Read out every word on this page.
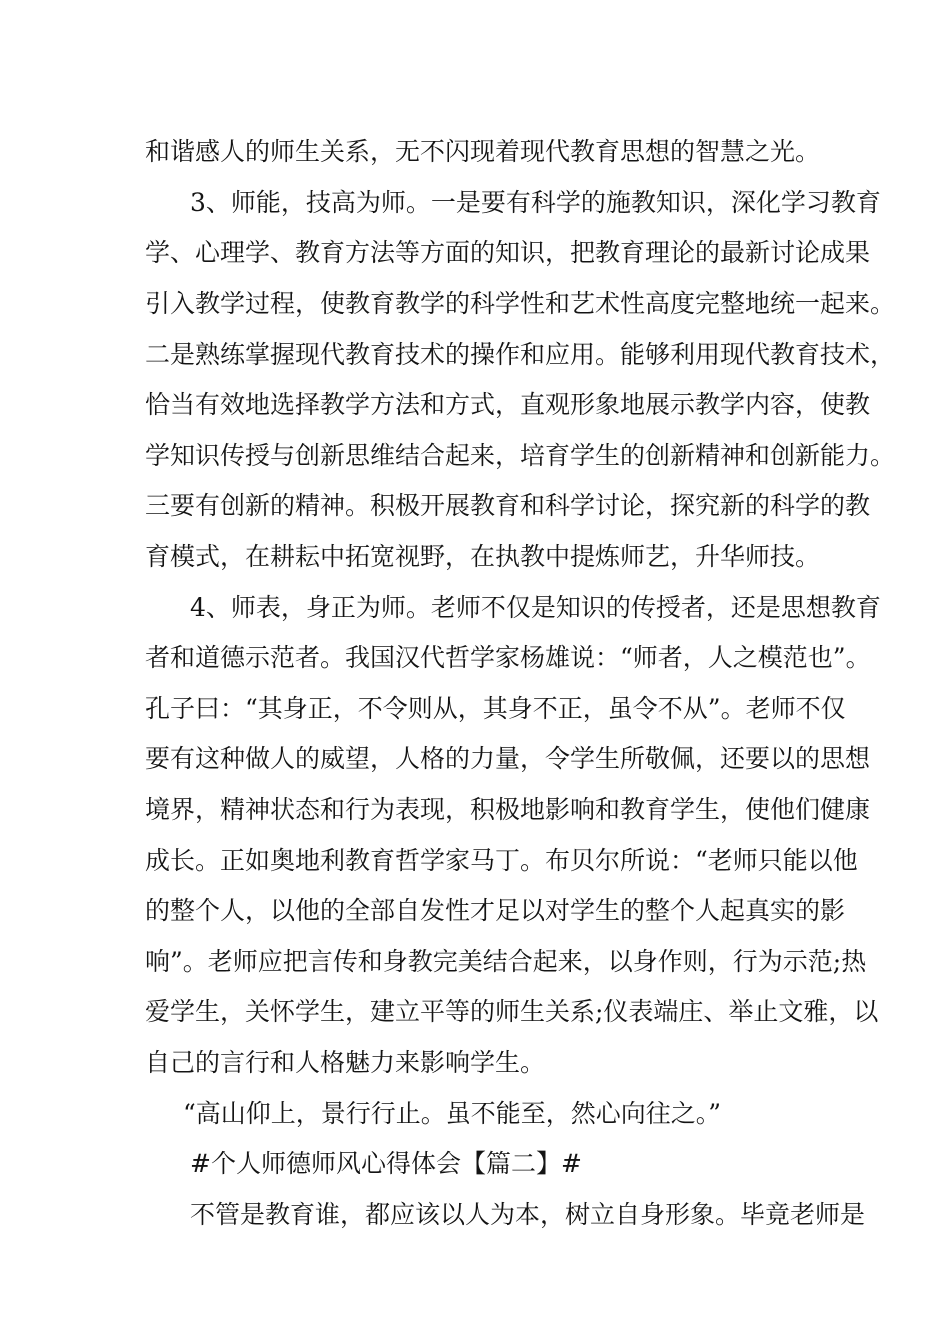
和谐感人的师生关系，无不闪现着现代教育思想的智慧之光。
3、师能，技高为师。一是要有科学的施教知识，深化学习教育
学、心理学、教育方法等方面的知识，把教育理论的最新讨论成果
引入教学过程，使教育教学的科学性和艺术性高度完整地统一起来。
二是熟练掌握现代教育技术的操作和应用。能够利用现代教育技术，
恰当有效地选择教学方法和方式，直观形象地展示教学内容，使教
学知识传授与创新思维结合起来，培育学生的创新精神和创新能力。
三要有创新的精神。积极开展教育和科学讨论，探究新的科学的教
育模式，在耕耘中拓宽视野，在执教中提炼师艺，升华师技。
4、师表，身正为师。老师不仅是知识的传授者，还是思想教育
者和道德示范者。我国汉代哲学家杨雄说：“师者，人之模范也”。
孔子曰：“其身正，不令则从，其身不正，虽令不从”。老师不仅
要有这种做人的威望，人格的力量，令学生所敬佩，还要以的思想
境界，精神状态和行为表现，积极地影响和教育学生，使他们健康
成长。正如奥地利教育哲学家马丁。布贝尔所说：“老师只能以他
的整个人，以他的全部自发性才足以对学生的整个人起真实的影
响”。老师应把言传和身教完美结合起来，以身作则，行为示范;热
爱学生，关怀学生，建立平等的师生关系;仪表端庄、举止文雅，以
自己的言行和人格魅力来影响学生。
“高山仰上，景行行止。虽不能至，然心向往之。”
#个人师德师风心得体会【篇二】#
不管是教育谁，都应该以人为本，树立自身形象。毕竟老师是
